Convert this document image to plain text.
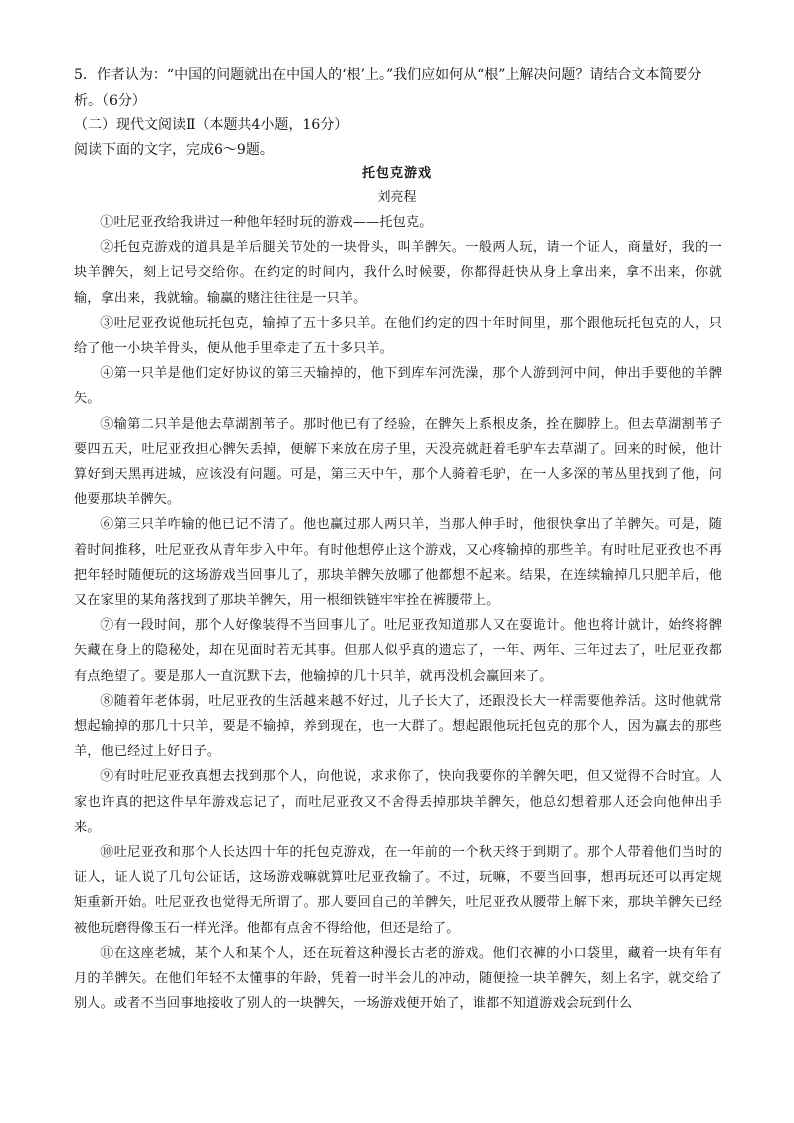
5．作者认为：“中国的问题就出在中国人的‘根’上。”我们应如何从“根”上解决问题？请结合文本简要分析。（6分）

（二）现代文阅读Ⅱ（本题共4小题，16分）

阅读下面的文字，完成6～9题。

托包克游戏

刘亮程

①吐尼亚孜给我讲过一种他年轻时玩的游戏——托包克。

②托包克游戏的道具是羊后腿关节处的一块骨头，叫羊髀矢。一般两人玩，请一个证人，商量好，我的一块羊髀矢，刻上记号交给你。在约定的时间内，我什么时候要，你都得赶快从身上拿出来，拿不出来，你就输，拿出来，我就输。输赢的赌注往往是一只羊。

③吐尼亚孜说他玩托包克，输掉了五十多只羊。在他们约定的四十年时间里，那个跟他玩托包克的人，只给了他一小块羊骨头，便从他手里牵走了五十多只羊。

④第一只羊是他们定好协议的第三天输掉的，他下到库车河洗澡，那个人游到河中间，伸出手要他的羊髀矢。

⑤输第二只羊是他去草湖割苇子。那时他已有了经验，在髀矢上系根皮条，拴在脚脖上。但去草湖割苇子要四五天，吐尼亚孜担心髀矢丢掉，便解下来放在房子里，天没亮就赶着毛驴车去草湖了。回来的时候，他计算好到天黑再进城，应该没有问题。可是，第三天中午，那个人骑着毛驴，在一人多深的苇丛里找到了他，问他要那块羊髀矢。

⑥第三只羊咋输的他已记不清了。他也赢过那人两只羊，当那人伸手时，他很快拿出了羊髀矢。可是，随着时间推移，吐尼亚孜从青年步入中年。有时他想停止这个游戏，又心疼输掉的那些羊。有时吐尼亚孜也不再把年轻时随便玩的这场游戏当回事儿了，那块羊髀矢放哪了他都想不起来。结果，在连续输掉几只肥羊后，他又在家里的某角落找到了那块羊髀矢，用一根细铁链牢牢拴在裤腰带上。

⑦有一段时间，那个人好像装得不当回事儿了。吐尼亚孜知道那人又在耍诡计。他也将计就计，始终将髀矢藏在身上的隐秘处，却在见面时若无其事。但那人似乎真的遗忘了，一年、两年、三年过去了，吐尼亚孜都有点绝望了。要是那人一直沉默下去，他输掉的几十只羊，就再没机会赢回来了。

⑧随着年老体弱，吐尼亚孜的生活越来越不好过，儿子长大了，还跟没长大一样需要他养活。这时他就常想起输掉的那几十只羊，要是不输掉，养到现在，也一大群了。想起跟他玩托包克的那个人，因为赢去的那些羊，他已经过上好日子。

⑨有时吐尼亚孜真想去找到那个人，向他说，求求你了，快向我要你的羊髀矢吧，但又觉得不合时宜。人家也许真的把这件早年游戏忘记了，而吐尼亚孜又不舍得丢掉那块羊髀矢，他总幻想着那人还会向他伸出手来。

⑩吐尼亚孜和那个人长达四十年的托包克游戏，在一年前的一个秋天终于到期了。那个人带着他们当时的证人，证人说了几句公证话，这场游戏嘛就算吐尼亚孜输了。不过，玩嘛，不要当回事，想再玩还可以再定规矩重新开始。吐尼亚孜也觉得无所谓了。那人要回自己的羊髀矢，吐尼亚孜从腰带上解下来，那块羊髀矢已经被他玩磨得像玉石一样光泽。他都有点舍不得给他，但还是给了。

⑪在这座老城，某个人和某个人，还在玩着这种漫长古老的游戏。他们衣褲的小口袋里，藏着一块有年有月的羊髀矢。在他们年轻不太懂事的年龄，凭着一时半会儿的冲动，随便捡一块羊髀矢，刻上名字，就交给了别人。或者不当回事地接收了别人的一块髀矢，一场游戏便开始了，谁都不知道游戏会玩到什么
